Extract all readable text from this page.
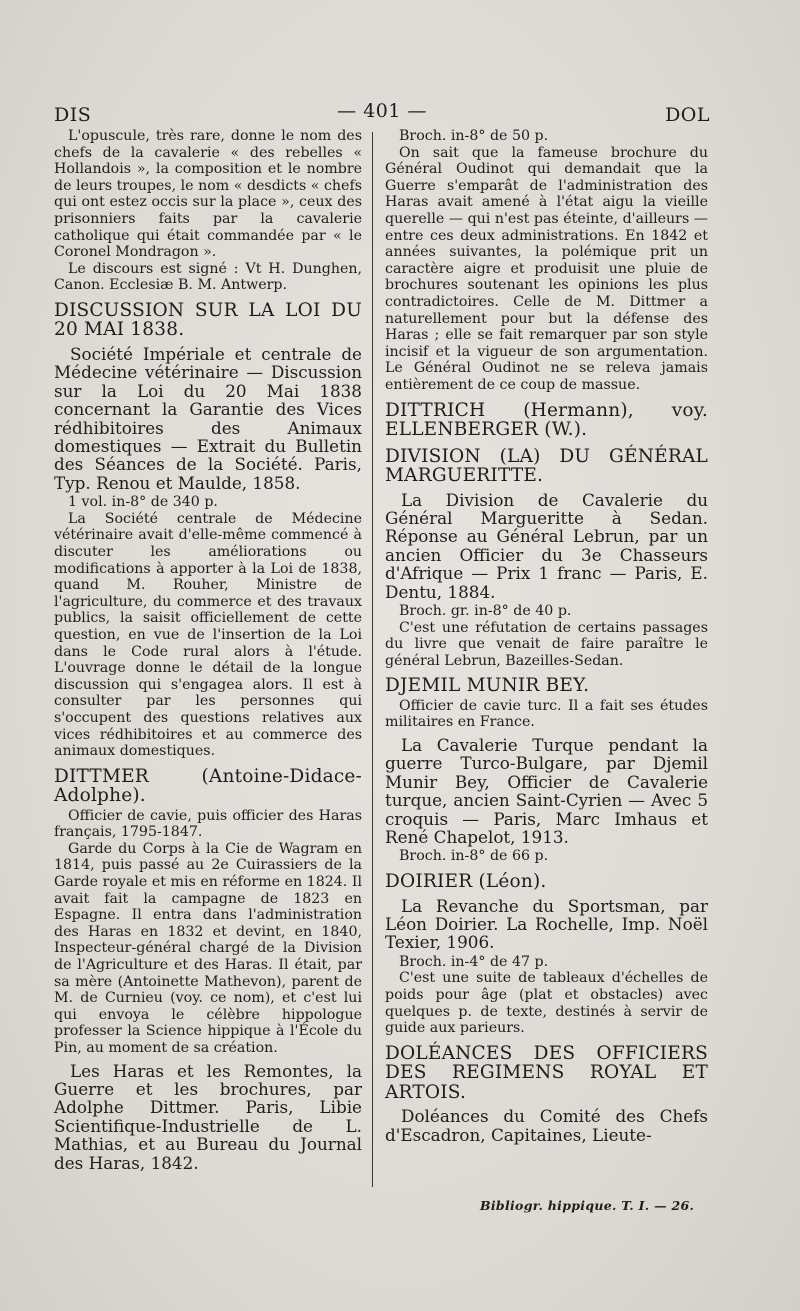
DIS	— 401 —	DOL

L'opuscule, très rare, donne le nom des chefs de la cavalerie « des rebelles « Hollandois », la composition et le nombre de leurs troupes, le nom « desdicts « chefs qui ont estez occis sur la place », ceux des prisonniers faits par la cavalerie catholique qui était commandée par « le Coronel Mondragon ».

Le discours est signé : Vt H. Dunghen, Canon. Ecclesiæ B. M. Antwerp.

DISCUSSION SUR LA LOI DU 20 MAI 1838.

Société Impériale et centrale de Médecine vétérinaire — Discussion sur la Loi du 20 Mai 1838 concernant la Garantie des Vices rédhibitoires des Animaux domestiques — Extrait du Bulletin des Séances de la Société. Paris, Typ. Renou et Maulde, 1858.

1 vol. in-8° de 340 p.

La Société centrale de Médecine vétérinaire avait d'elle-même commencé à discuter les améliorations ou modifications à apporter à la Loi de 1838, quand M. Rouher, Ministre de l'agriculture, du commerce et des travaux publics, la saisit officiellement de cette question, en vue de l'insertion de la Loi dans le Code rural alors à l'étude. L'ouvrage donne le détail de la longue discussion qui s'engagea alors. Il est à consulter par les personnes qui s'occupent des questions relatives aux vices rédhibitoires et au commerce des animaux domestiques.

DITTMER (Antoine-Didace-Adolphe).

Officier de cavie, puis officier des Haras français, 1795-1847.

Garde du Corps à la Cie de Wagram en 1814, puis passé au 2e Cuirassiers de la Garde royale et mis en réforme en 1824. Il avait fait la campagne de 1823 en Espagne. Il entra dans l'administration des Haras en 1832 et devint, en 1840, Inspecteur-général chargé de la Division de l'Agriculture et des Haras. Il était, par sa mère (Antoinette Mathevon), parent de M. de Curnieu (voy. ce nom), et c'est lui qui envoya le célèbre hippologue professer la Science hippique à l'École du Pin, au moment de sa création.

Les Haras et les Remontes, la Guerre et les brochures, par Adolphe Dittmer. Paris, Libie Scientifique-Industrielle de L. Mathias, et au Bureau du Journal des Haras, 1842.

Broch. in-8° de 50 p.

On sait que la fameuse brochure du Général Oudinot qui demandait que la Guerre s'emparât de l'administration des Haras avait amené à l'état aigu la vieille querelle — qui n'est pas éteinte, d'ailleurs — entre ces deux administrations. En 1842 et années suivantes, la polémique prit un caractère aigre et produisit une pluie de brochures soutenant les opinions les plus contradictoires. Celle de M. Dittmer a naturellement pour but la défense des Haras ; elle se fait remarquer par son style incisif et la vigueur de son argumentation. Le Général Oudinot ne se releva jamais entièrement de ce coup de massue.

DITTRICH (Hermann), voy. ELLENBERGER (W.).

DIVISION (LA) DU GÉNÉRAL MARGUERITTE.

La Division de Cavalerie du Général Margueritte à Sedan. Réponse au Général Lebrun, par un ancien Officier du 3e Chasseurs d'Afrique — Prix 1 franc — Paris, E. Dentu, 1884.

Broch. gr. in-8° de 40 p.

C'est une réfutation de certains passages du livre que venait de faire paraître le général Lebrun, Bazeilles-Sedan.

DJEMIL MUNIR BEY.

Officier de cavie turc. Il a fait ses études militaires en France.

La Cavalerie Turque pendant la guerre Turco-Bulgare, par Djemil Munir Bey, Officier de Cavalerie turque, ancien Saint-Cyrien — Avec 5 croquis — Paris, Marc Imhaus et René Chapelot, 1913.

Broch. in-8° de 66 p.

DOIRIER (Léon).

La Revanche du Sportsman, par Léon Doirier. La Rochelle, Imp. Noël Texier, 1906.

Broch. in-4° de 47 p.

C'est une suite de tableaux d'échelles de poids pour âge (plat et obstacles) avec quelques p. de texte, destinés à servir de guide aux parieurs.

DOLÉANCES DES OFFICIERS DES REGIMENS ROYAL ET ARTOIS.

Doléances du Comité des Chefs d'Escadron, Capitaines, Lieute-

Bibliogr. hippique. T. I. — 26.
